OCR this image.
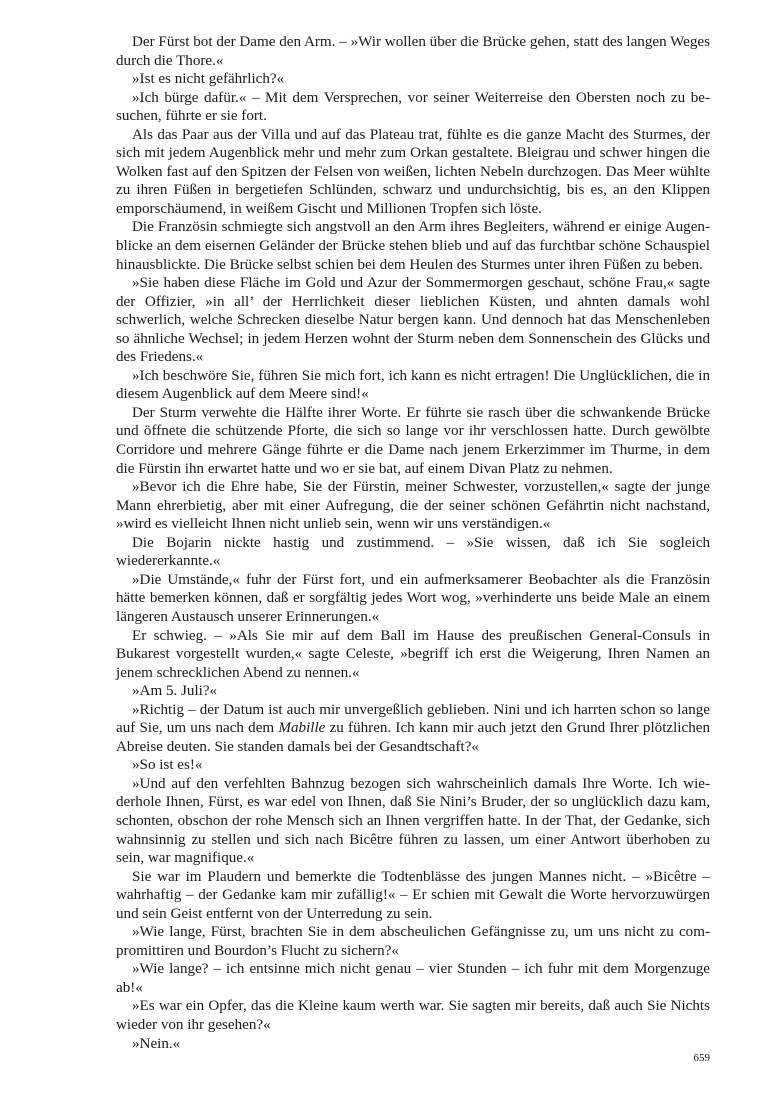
Der Fürst bot der Dame den Arm. – »Wir wollen über die Brücke gehen, statt des langen Weges durch die Thore.«

»Ist es nicht gefährlich?«

»Ich bürge dafür.« – Mit dem Versprechen, vor seiner Weiterreise den Obersten noch zu besuchen, führte er sie fort.

Als das Paar aus der Villa und auf das Plateau trat, fühlte es die ganze Macht des Sturmes, der sich mit jedem Augenblick mehr und mehr zum Orkan gestaltete. Bleigrau und schwer hingen die Wolken fast auf den Spitzen der Felsen von weißen, lichten Nebeln durchzogen. Das Meer wühlte zu ihren Füßen in bergetiefen Schlünden, schwarz und undurchsichtig, bis es, an den Klippen emporschäumend, in weißem Gischt und Millionen Tropfen sich löste.

Die Französin schmiegte sich angstvoll an den Arm ihres Begleiters, während er einige Augenblicke an dem eisernen Geländer der Brücke stehen blieb und auf das furchtbar schöne Schauspiel hinausblickte. Die Brücke selbst schien bei dem Heulen des Sturmes unter ihren Füßen zu beben.

»Sie haben diese Fläche im Gold und Azur der Sommermorgen geschaut, schöne Frau,« sagte der Offizier, »in all’ der Herrlichkeit dieser lieblichen Küsten, und ahnten damals wohl schwerlich, welche Schrecken dieselbe Natur bergen kann. Und dennoch hat das Menschenleben so ähnliche Wechsel; in jedem Herzen wohnt der Sturm neben dem Sonnenschein des Glücks und des Friedens.«

»Ich beschwöre Sie, führen Sie mich fort, ich kann es nicht ertragen! Die Unglücklichen, die in diesem Augenblick auf dem Meere sind!«

Der Sturm verwehte die Hälfte ihrer Worte. Er führte sie rasch über die schwankende Brücke und öffnete die schützende Pforte, die sich so lange vor ihr verschlossen hatte. Durch gewölbte Corridore und mehrere Gänge führte er die Dame nach jenem Erkerzimmer im Thurme, in dem die Fürstin ihn erwartet hatte und wo er sie bat, auf einem Divan Platz zu nehmen.

»Bevor ich die Ehre habe, Sie der Fürstin, meiner Schwester, vorzustellen,« sagte der junge Mann ehrerbietig, aber mit einer Aufregung, die der seiner schönen Gefährtin nicht nachstand, »wird es vielleicht Ihnen nicht unlieb sein, wenn wir uns verständigen.«

Die Bojarin nickte hastig und zustimmend. – »Sie wissen, daß ich Sie sogleich wiedererkannte.«

»Die Umstände,« fuhr der Fürst fort, und ein aufmerksamerer Beobachter als die Französin hätte bemerken können, daß er sorgfältig jedes Wort wog, »verhinderte uns beide Male an einem längeren Austausch unserer Erinnerungen.«

Er schwieg. – »Als Sie mir auf dem Ball im Hause des preußischen General-Consuls in Bukarest vorgestellt wurden,« sagte Celeste, »begriff ich erst die Weigerung, Ihren Namen an jenem schrecklichen Abend zu nennen.«

»Am 5. Juli?«

»Richtig – der Datum ist auch mir unvergeßlich geblieben. Nini und ich harrten schon so lange auf Sie, um uns nach dem Mabille zu führen. Ich kann mir auch jetzt den Grund Ihrer plötzlichen Abreise deuten. Sie standen damals bei der Gesandtschaft?«

»So ist es!«

»Und auf den verfehlten Bahnzug bezogen sich wahrscheinlich damals Ihre Worte. Ich wiederhole Ihnen, Fürst, es war edel von Ihnen, daß Sie Nini’s Bruder, der so unglücklich dazu kam, schonten, obschon der rohe Mensch sich an Ihnen vergriffen hatte. In der That, der Gedanke, sich wahnsinnig zu stellen und sich nach Bicêtre führen zu lassen, um einer Antwort überhoben zu sein, war magnifique.«

Sie war im Plaudern und bemerkte die Todtenblässe des jungen Mannes nicht. – »Bicêtre – wahrhaftig – der Gedanke kam mir zufällig!« – Er schien mit Gewalt die Worte hervorzuwürgen und sein Geist entfernt von der Unterredung zu sein.

»Wie lange, Fürst, brachten Sie in dem abscheulichen Gefängnisse zu, um uns nicht zu compromittiren und Bourdon’s Flucht zu sichern?«

»Wie lange? – ich entsinne mich nicht genau – vier Stunden – ich fuhr mit dem Morgenzuge ab!«

»Es war ein Opfer, das die Kleine kaum werth war. Sie sagten mir bereits, daß auch Sie Nichts wieder von ihr gesehen?«

»Nein.«

659
